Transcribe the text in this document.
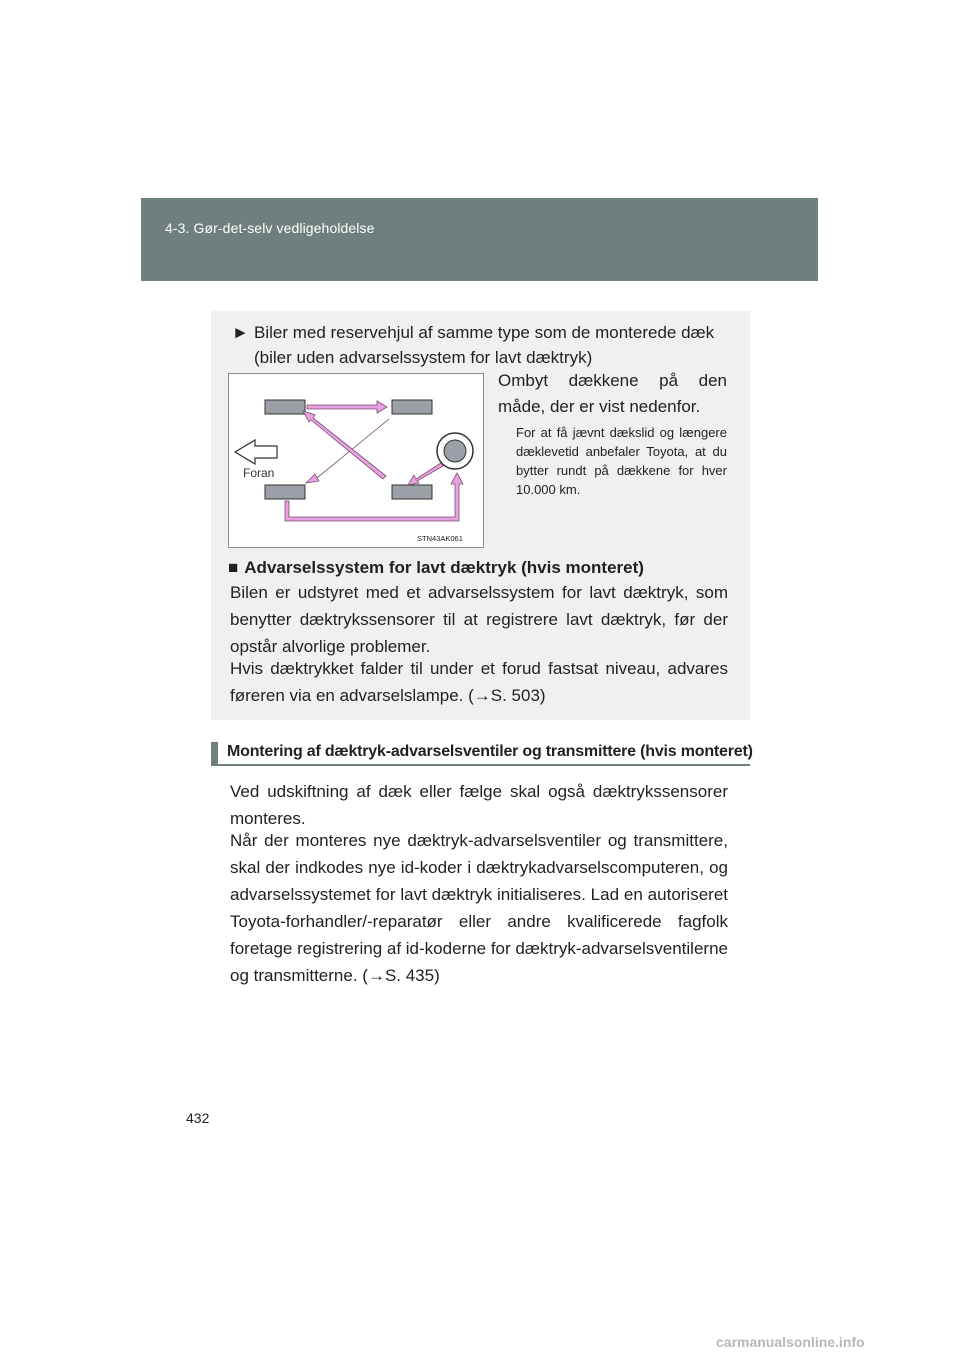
4-3. Gør-det-selv vedligeholdelse
► Biler med reservehjul af samme type som de monterede dæk
(biler uden advarselssystem for lavt dæktryk)
Foran
STN43AK061
Ombyt dækkene på den måde, der er vist nedenfor.
For at få jævnt dækslid og længere dæklevetid anbefaler Toyota, at du bytter rundt på dækkene for hver 10.000 km.
■ Advarselssystem for lavt dæktryk (hvis monteret)
Bilen er udstyret med et advarselssystem for lavt dæktryk, som benytter dæktrykssensorer til at registrere lavt dæktryk, før der opstår alvorlige problemer.
Hvis dæktrykket falder til under et forud fastsat niveau, advares føreren via en advarselslampe. (→S. 503)
Montering af dæktryk-advarselsventiler og transmittere (hvis monteret)
Ved udskiftning af dæk eller fælge skal også dæktrykssensorer monteres.
Når der monteres nye dæktryk-advarselsventiler og transmittere, skal der indkodes nye id-koder i dæktrykadvarselscomputeren, og advarselssystemet for lavt dæktryk initialiseres. Lad en autoriseret Toyota-forhandler/-reparatør eller andre kvalificerede fagfolk foretage registrering af id-koderne for dæktryk-advarselsventilerne og transmitterne. (→S. 435)
432
carmanualsonline.info
